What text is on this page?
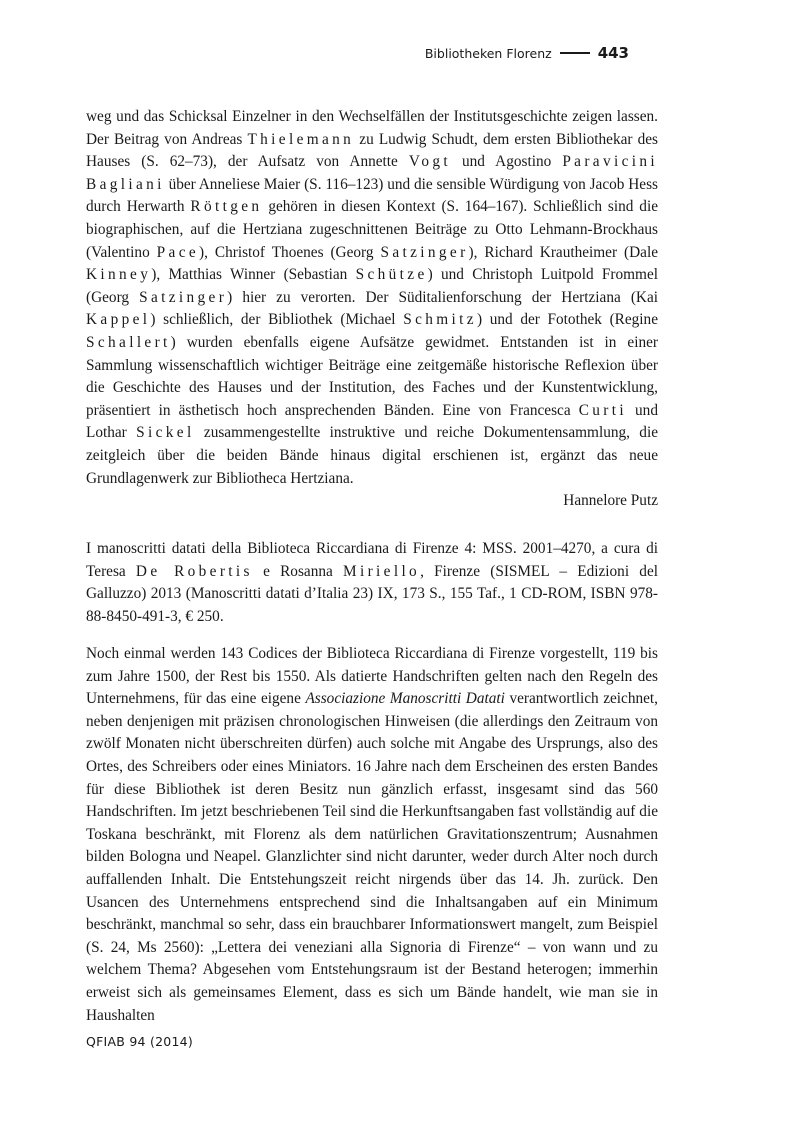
Bibliotheken Florenz	443

weg und das Schicksal Einzelner in den Wechselfällen der Institutsgeschichte zeigen lassen. Der Beitrag von Andreas Thielemann zu Ludwig Schudt, dem ersten Bibliothekar des Hauses (S. 62–73), der Aufsatz von Annette Vogt und Agostino Paravicini Bagliani über Anneliese Maier (S. 116–123) und die sensible Würdigung von Jacob Hess durch Herwarth Röttgen gehören in diesen Kontext (S. 164–167). Schließlich sind die biographischen, auf die Hertziana zugeschnittenen Beiträge zu Otto Lehmann-Brockhaus (Valentino Pace), Christof Thoenes (Georg Satzinger), Richard Krautheimer (Dale Kinney), Matthias Winner (Sebastian Schütze) und Christoph Luitpold Frommel (Georg Satzinger) hier zu verorten. Der Süditalienforschung der Hertziana (Kai Kappel) schließlich, der Bibliothek (Michael Schmitz) und der Fotothek (Regine Schallert) wurden ebenfalls eigene Aufsätze gewidmet. Entstanden ist in einer Sammlung wissenschaftlich wichtiger Beiträge eine zeitgemäße historische Reflexion über die Geschichte des Hauses und der Institution, des Faches und der Kunstentwicklung, präsentiert in ästhetisch hoch ansprechenden Bänden. Eine von Francesca Curti und Lothar Sickel zusammengestellte instruktive und reiche Dokumentensammlung, die zeitgleich über die beiden Bände hinaus digital erschienen ist, ergänzt das neue Grundlagenwerk zur Bibliotheca Hertziana.
Hannelore Putz

I manoscritti datati della Biblioteca Riccardiana di Firenze 4: MSS. 2001–4270, a cura di Teresa De Robertis e Rosanna Miriello, Firenze (SISMEL – Edizioni del Galluzzo) 2013 (Manoscritti datati d’Italia 23) IX, 173 S., 155 Taf., 1 CD-ROM, ISBN 978-88-8450-491-3, € 250.

Noch einmal werden 143 Codices der Biblioteca Riccardiana di Firenze vorgestellt, 119 bis zum Jahre 1500, der Rest bis 1550. Als datierte Handschriften gelten nach den Regeln des Unternehmens, für das eine eigene Associazione Manoscritti Datati verantwortlich zeichnet, neben denjenigen mit präzisen chronologischen Hinweisen (die allerdings den Zeitraum von zwölf Monaten nicht überschreiten dürfen) auch solche mit Angabe des Ursprungs, also des Ortes, des Schreibers oder eines Miniators. 16 Jahre nach dem Erscheinen des ersten Bandes für diese Bibliothek ist deren Besitz nun gänzlich erfasst, insgesamt sind das 560 Handschriften. Im jetzt beschriebenen Teil sind die Herkunftsangaben fast vollständig auf die Toskana beschränkt, mit Florenz als dem natürlichen Gravitationszentrum; Ausnahmen bilden Bologna und Neapel. Glanzlichter sind nicht darunter, weder durch Alter noch durch auffallenden Inhalt. Die Entstehungszeit reicht nirgends über das 14. Jh. zurück. Den Usancen des Unternehmens entsprechend sind die Inhaltsangaben auf ein Minimum beschränkt, manchmal so sehr, dass ein brauchbarer Informationswert mangelt, zum Beispiel (S. 24, Ms 2560): „Lettera dei veneziani alla Signoria di Firenze“ – von wann und zu welchem Thema? Abgesehen vom Entstehungsraum ist der Bestand heterogen; immerhin erweist sich als gemeinsames Element, dass es sich um Bände handelt, wie man sie in Haushalten

QFIAB 94 (2014)
